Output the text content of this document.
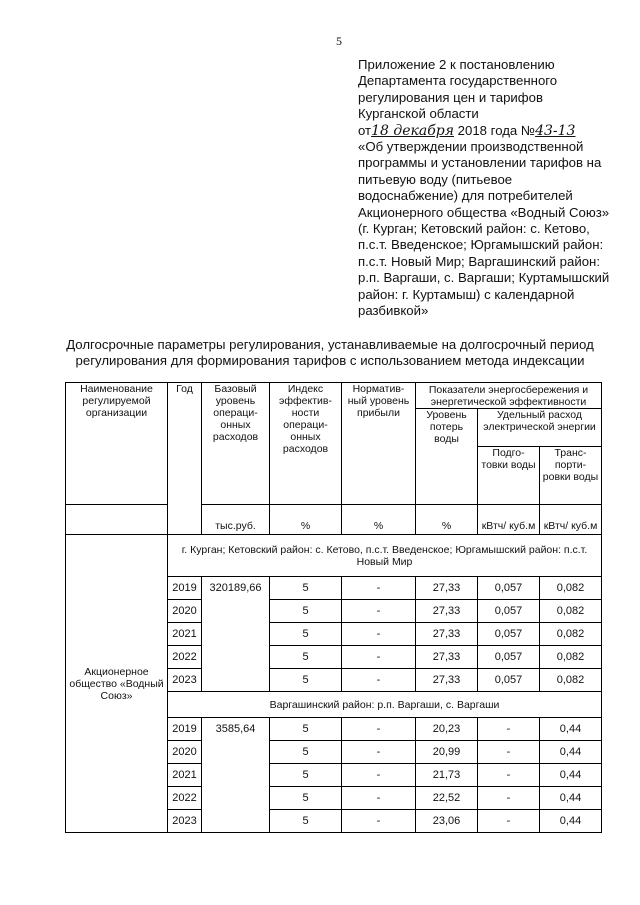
5
Приложение 2 к постановлению
Департамента государственного
регулирования цен и тарифов
Курганской области
от18 декабря 2018 года №43-13
«Об утверждении производственной
программы и установлении тарифов на
питьевую воду (питьевое
водоснабжение) для потребителей
Акционерного общества «Водный Союз»
(г. Курган; Кетовский район: с. Кетово,
п.с.т. Введенское; Юргамышский район:
п.с.т. Новый Мир; Варгашинский район:
р.п. Варгаши, с. Варгаши; Куртамышский
район: г. Куртамыш) с календарной
разбивкой»
Долгосрочные параметры регулирования, устанавливаемые на долгосрочный период
регулирования для формирования тарифов с использованием метода индексации
Наименование регулируемой организации	Год	Базовый уровень операци-онных расходов	Индекс эффектив-ности операци-онных расходов	Норматив-ный уровень прибыли	Показатели энергосбережения и энергетической эффективности		
					Уровень потерь воды	Удельный расход электрической энергии	
						Подго-товки воды	Транс-порти-ровки воды
		тыс.руб.	%	%	%	кВтч/ куб.м	кВтч/ куб.м
Акционерное общество «Водный Союз»	г. Курган; Кетовский район: с. Кетово, п.с.т. Введенское; Юргамышский район: п.с.т. Новый Мир						
	2019	320189,66	5	-	27,33	0,057	0,082
	2020		5	-	27,33	0,057	0,082
	2021		5	-	27,33	0,057	0,082
	2022		5	-	27,33	0,057	0,082
	2023		5	-	27,33	0,057	0,082
	Варгашинский район: р.п. Варгаши, с. Варгаши						
	2019	3585,64	5	-	20,23	-	0,44
	2020		5	-	20,99	-	0,44
	2021		5	-	21,73	-	0,44
	2022		5	-	22,52	-	0,44
	2023		5	-	23,06	-	0,44
